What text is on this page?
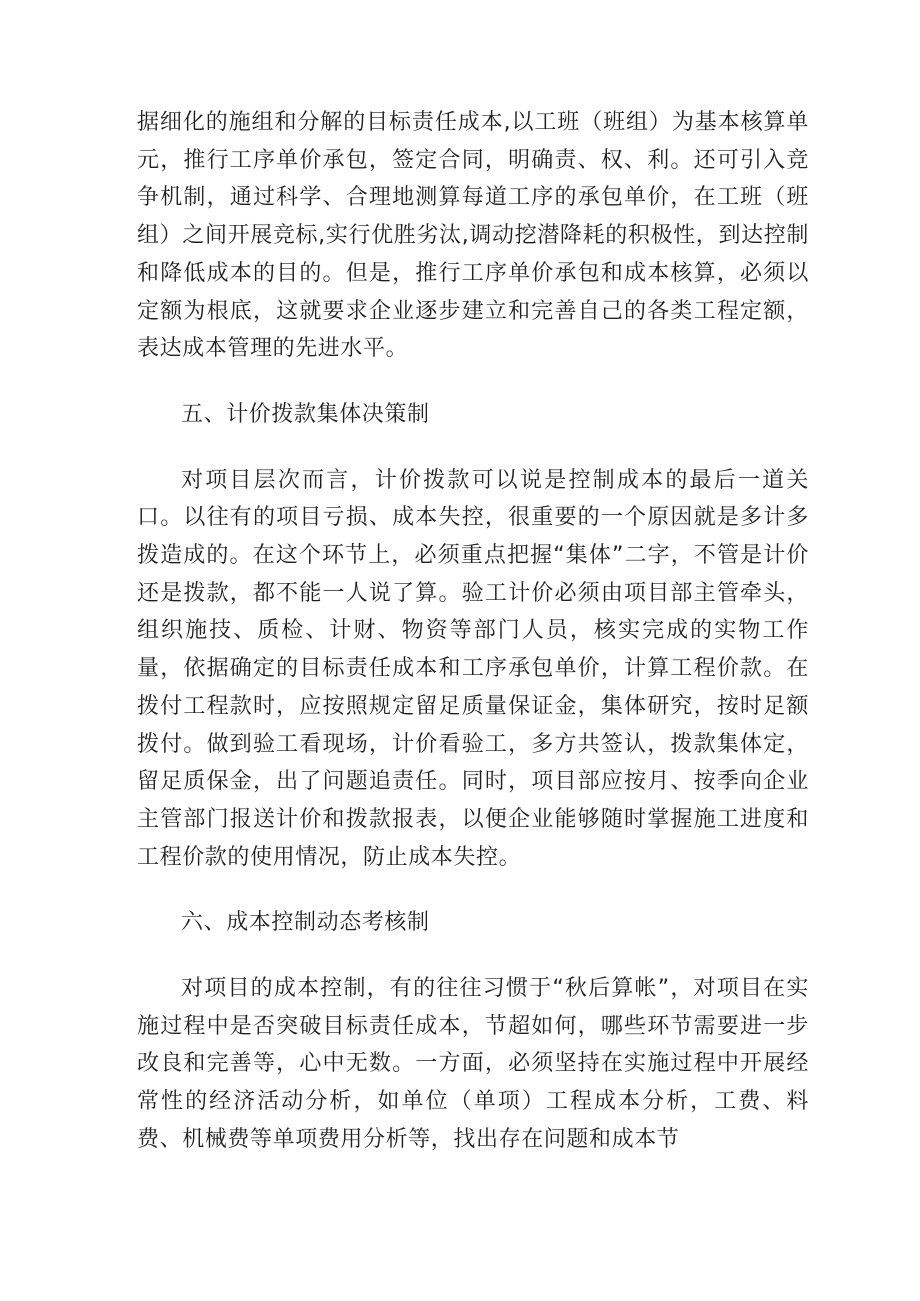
据细化的施组和分解的目标责任成本,以工班（班组）为基本核算单元，推行工序单价承包，签定合同，明确责、权、利。还可引入竞争机制，通过科学、合理地测算每道工序的承包单价，在工班（班组）之间开展竞标,实行优胜劣汰,调动挖潜降耗的积极性，到达控制和降低成本的目的。但是，推行工序单价承包和成本核算，必须以定额为根底，这就要求企业逐步建立和完善自己的各类工程定额，表达成本管理的先进水平。

五、计价拨款集体决策制

对项目层次而言，计价拨款可以说是控制成本的最后一道关口。以往有的项目亏损、成本失控，很重要的一个原因就是多计多拨造成的。在这个环节上，必须重点把握“集体”二字，不管是计价还是拨款，都不能一人说了算。验工计价必须由项目部主管牵头，组织施技、质检、计财、物资等部门人员，核实完成的实物工作量，依据确定的目标责任成本和工序承包单价，计算工程价款。在拨付工程款时，应按照规定留足质量保证金，集体研究，按时足额拨付。做到验工看现场，计价看验工，多方共签认，拨款集体定，留足质保金，出了问题追责任。同时，项目部应按月、按季向企业主管部门报送计价和拨款报表，以便企业能够随时掌握施工进度和工程价款的使用情况，防止成本失控。

六、成本控制动态考核制

对项目的成本控制，有的往往习惯于“秋后算帐”，对项目在实施过程中是否突破目标责任成本，节超如何，哪些环节需要进一步改良和完善等，心中无数。一方面，必须坚持在实施过程中开展经常性的经济活动分析，如单位（单项）工程成本分析，工费、料费、机械费等单项费用分析等，找出存在问题和成本节
